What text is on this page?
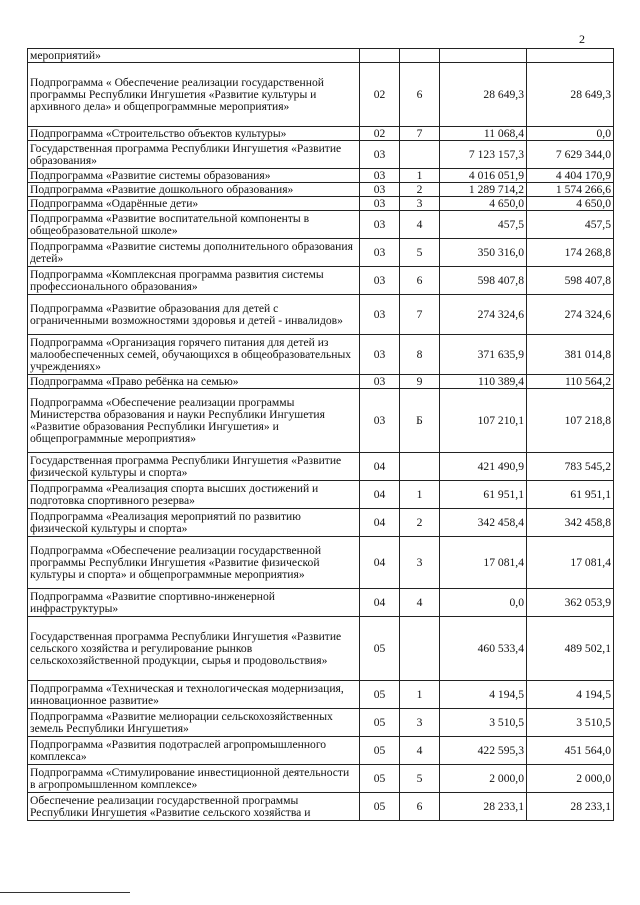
2
мероприятий»				
Подпрограмма « Обеспечение реализации государственной программы Республики Ингушетия «Развитие культуры и архивного дела» и общепрограммные мероприятия»	02	6	28 649,3	28 649,3
Подпрограмма «Строительство объектов культуры»	02	7	11 068,4	0,0
Государственная программа Республики Ингушетия «Развитие образования»	03		7 123 157,3	7 629 344,0
Подпрограмма «Развитие системы образования»	03	1	4 016 051,9	4 404 170,9
Подпрограмма «Развитие дошкольного образования»	03	2	1 289 714,2	1 574 266,6
Подпрограмма «Одарённые дети»	03	3	4 650,0	4 650,0
Подпрограмма «Развитие воспитательной компоненты в общеобразовательной школе»	03	4	457,5	457,5
Подпрограмма «Развитие системы дополнительного образования детей»	03	5	350 316,0	174 268,8
Подпрограмма «Комплексная программа развития системы профессионального образования»	03	6	598 407,8	598 407,8
Подпрограмма «Развитие образования для детей с ограниченными возможностями здоровья и детей - инвалидов»	03	7	274 324,6	274 324,6
Подпрограмма «Организация горячего питания для детей из малообеспеченных семей, обучающихся в общеобразовательных учреждениях»	03	8	371 635,9	381 014,8
Подпрограмма «Право ребёнка на семью»	03	9	110 389,4	110 564,2
Подпрограмма «Обеспечение реализации программы Министерства образования и науки Республики Ингушетия «Развитие образования Республики Ингушетия» и общепрограммные мероприятия»	03	Б	107 210,1	107 218,8
Государственная программа Республики Ингушетия «Развитие физической культуры и спорта»	04		421 490,9	783 545,2
Подпрограмма «Реализация спорта высших достижений и подготовка спортивного резерва»	04	1	61 951,1	61 951,1
Подпрограмма «Реализация мероприятий по развитию физической культуры и спорта»	04	2	342 458,4	342 458,8
Подпрограмма «Обеспечение реализации государственной программы Республики Ингушетия «Развитие физической культуры и спорта» и общепрограммные мероприятия»	04	3	17 081,4	17 081,4
Подпрограмма «Развитие спортивно-инженерной инфраструктуры»	04	4	0,0	362 053,9
Государственная программа Республики Ингушетия «Развитие сельского хозяйства и регулирование рынков сельскохозяйственной продукции, сырья и продовольствия»	05		460 533,4	489 502,1
Подпрограмма «Техническая и технологическая модернизация, инновационное развитие»	05	1	4 194,5	4 194,5
Подпрограмма «Развитие мелиорации сельскохозяйственных земель Республики Ингушетия»	05	3	3 510,5	3 510,5
Подпрограмма «Развития подотраслей агропромышленного комплекса»	05	4	422 595,3	451 564,0
Подпрограмма «Стимулирование инвестиционной деятельности в агропромышленном комплексе»	05	5	2 000,0	2 000,0
Обеспечение реализации государственной программы Республики Ингушетия «Развитие сельского хозяйства и	05	6	28 233,1	28 233,1
